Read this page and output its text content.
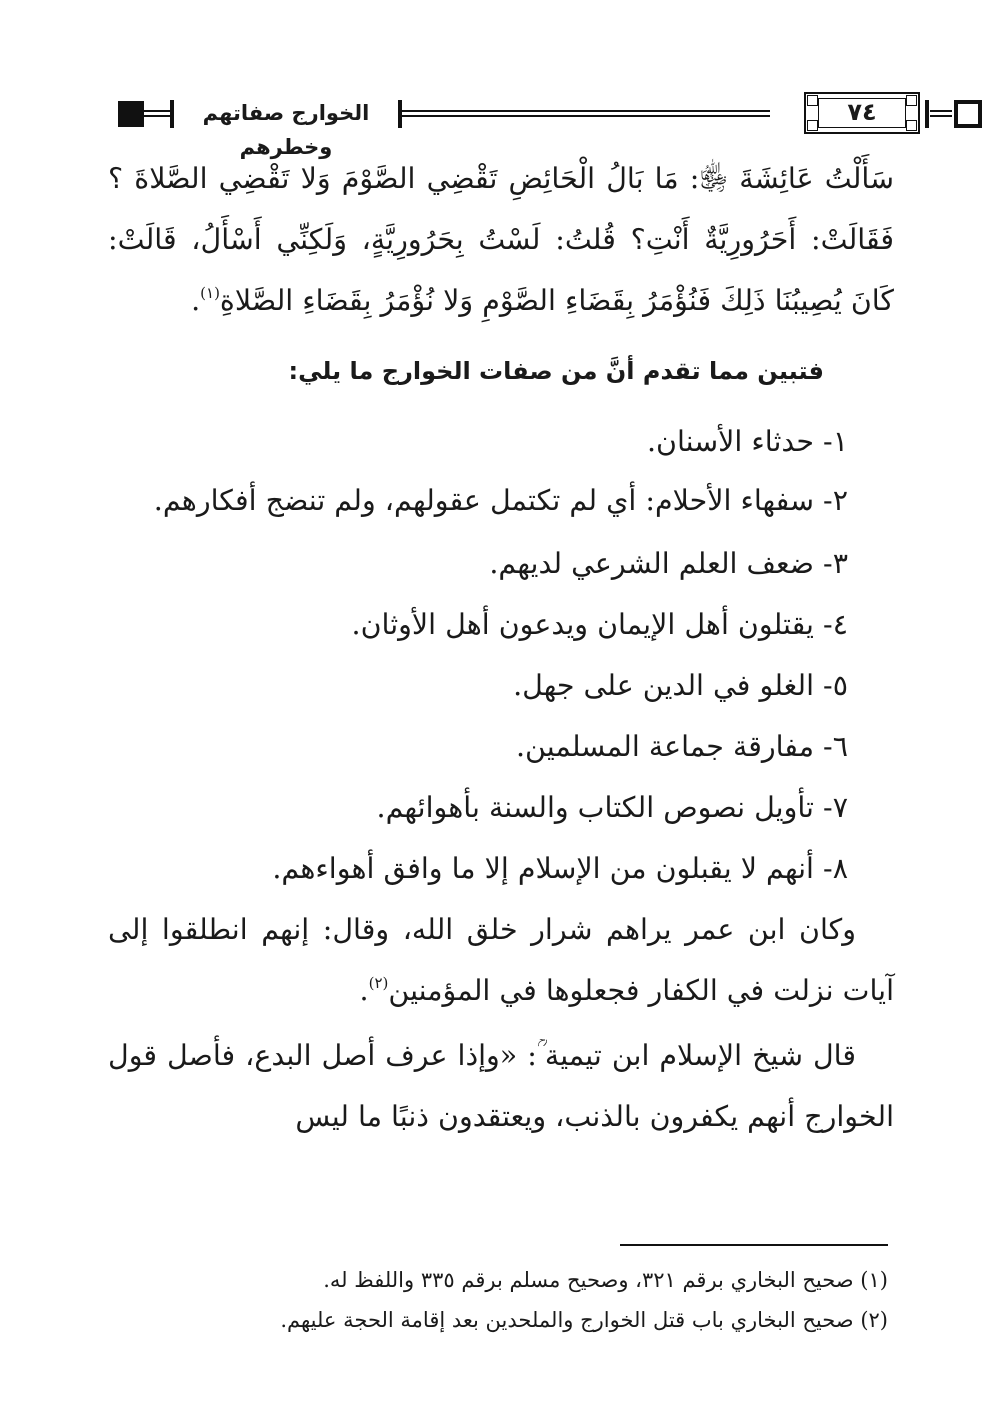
الخوارج صفاتهم وخطرهم
٧٤

سَأَلْتُ عَائِشَةَ ﵂: مَا بَالُ الْحَائِضِ تَقْضِي الصَّوْمَ وَلا تَقْضِي الصَّلاةَ ؟ فَقَالَتْ: أَحَرُورِيَّةٌ أَنْتِ؟ قُلتُ: لَسْتُ بِحَرُورِيَّةٍ، وَلَكِنِّي أَسْأَلُ، قَالَتْ: كَانَ يُصِيبُنَا ذَلِكَ فَنُؤْمَرُ بِقَضَاءِ الصَّوْمِ وَلا نُؤْمَرُ بِقَضَاءِ الصَّلاةِ$^{(١)}$.

فتبين مما تقدم أنَّ من صفات الخوارج ما يلي:

١- حدثاء الأسنان.

٢- سفهاء الأحلام: أي لم تكتمل عقولهم، ولم تنضج أفكارهم.

٣- ضعف العلم الشرعي لديهم.

٤- يقتلون أهل الإيمان ويدعون أهل الأوثان.

٥- الغلو في الدين على جهل.

٦- مفارقة جماعة المسلمين.

٧- تأويل نصوص الكتاب والسنة بأهوائهم.

٨- أنهم لا يقبلون من الإسلام إلا ما وافق أهواءهم.

وكان ابن عمر يراهم شرار خلق الله، وقال: إنهم انطلقوا إلى آيات نزلت في الكفار فجعلوها في المؤمنين$^{(٢)}$.

قال شيخ الإسلام ابن تيمية ؒ: «وإذا عرف أصل البدع، فأصل قول الخوارج أنهم يكفرون بالذنب، ويعتقدون ذنبًا ما ليس

(١) صحيح البخاري برقم ٣٢١، وصحيح مسلم برقم ٣٣٥ واللفظ له.

(٢) صحيح البخاري باب قتل الخوارج والملحدين بعد إقامة الحجة عليهم.
